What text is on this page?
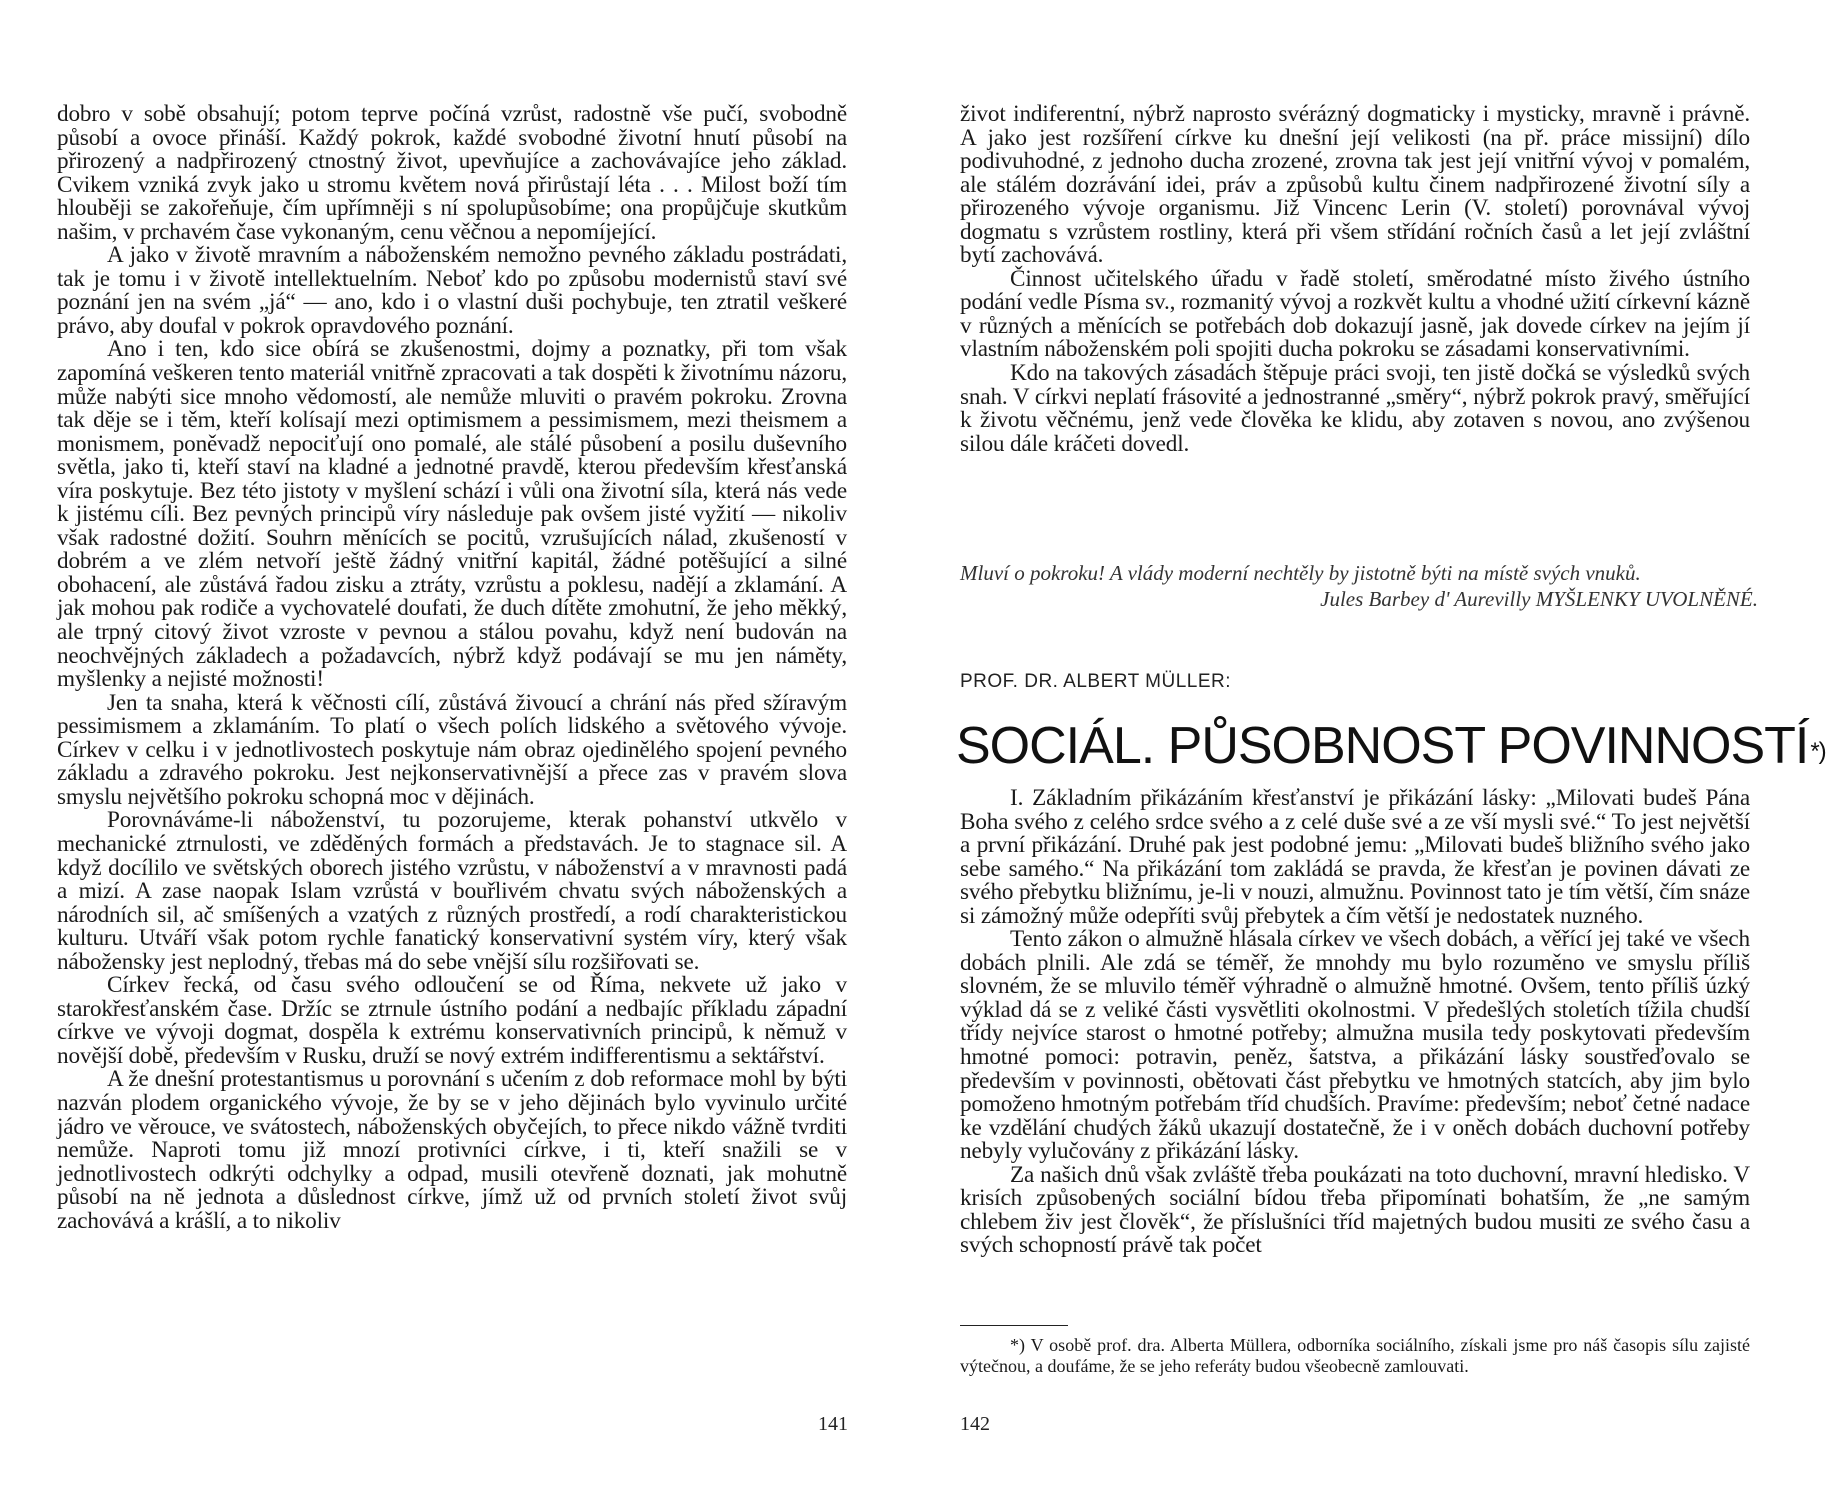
dobro v sobě obsahují; potom teprve počíná vzrůst, radostně vše pučí, svobodně působí a ovoce přináší. Každý pokrok, každé svobodné životní hnutí působí na přirozený a nadpřirozený ctnostný život, upevňujíce a zachovávajíce jeho základ. Cvikem vzniká zvyk jako u stromu květem nová přirůstají léta . . . Milost boží tím hlouběji se zakořeňuje, čím upřímněji s ní spolupůsobíme; ona propůjčuje skutkům našim, v prchavém čase vykonaným, cenu věčnou a nepomíjející.

A jako v životě mravním a náboženském nemožno pevného základu postrádati, tak je tomu i v životě intellektuelním. Neboť kdo po způsobu modernistů staví své poznání jen na svém „já“ — ano, kdo i o vlastní duši pochybuje, ten ztratil veškeré právo, aby doufal v pokrok opravdového poznání.

Ano i ten, kdo sice obírá se zkušenostmi, dojmy a poznatky, při tom však zapomíná veškeren tento materiál vnitřně zpracovati a tak dospěti k životnímu názoru, může nabýti sice mnoho vědomostí, ale nemůže mluviti o pravém pokroku. Zrovna tak děje se i těm, kteří kolísají mezi optimismem a pessimismem, mezi theismem a monismem, poněvadž nepociťují ono pomalé, ale stálé působení a posilu duševního světla, jako ti, kteří staví na kladné a jednotné pravdě, kterou především křesťanská víra poskytuje. Bez této jistoty v myšlení schází i vůli ona životní síla, která nás vede k jistému cíli. Bez pevných principů víry následuje pak ovšem jisté vyžití — nikoliv však radostné dožití. Souhrn měnících se pocitů, vzrušujících nálad, zkušeností v dobrém a ve zlém netvoří ještě žádný vnitřní kapitál, žádné potěšující a silné obohacení, ale zůstává řadou zisku a ztráty, vzrůstu a poklesu, nadějí a zklamání. A jak mohou pak rodiče a vychovatelé doufati, že duch dítěte zmohutní, že jeho měkký, ale trpný citový život vzroste v pevnou a stálou povahu, když není budován na neochvějných základech a požadavcích, nýbrž když podávají se mu jen náměty, myšlenky a nejisté možnosti!

Jen ta snaha, která k věčnosti cílí, zůstává živoucí a chrání nás před sžíravým pessimismem a zklamáním. To platí o všech polích lidského a světového vývoje. Církev v celku i v jednotlivostech poskytuje nám obraz ojedinělého spojení pevného základu a zdravého pokroku. Jest nejkonservativnější a přece zas v pravém slova smyslu největšího pokroku schopná moc v dějinách.

Porovnáváme-li náboženství, tu pozorujeme, kterak pohanství utkvělo v mechanické ztrnulosti, ve zděděných formách a představách. Je to stagnace sil. A když docílilo ve světských oborech jistého vzrůstu, v náboženství a v mravnosti padá a mizí. A zase naopak Islam vzrůstá v bouřlivém chvatu svých náboženských a národních sil, ač smíšených a vzatých z různých prostředí, a rodí charakteristickou kulturu. Utváří však potom rychle fanatický konservativní systém víry, který však nábožensky jest neplodný, třebas má do sebe vnější sílu rozšiřovati se.

Církev řecká, od času svého odloučení se od Říma, nekvete už jako v starokřesťanském čase. Držíc se ztrnule ústního podání a nedbajíc příkladu západní církve ve vývoji dogmat, dospěla k extrému konservativních principů, k němuž v novější době, především v Rusku, druží se nový extrém indifferentismu a sektářství.

A že dnešní protestantismus u porovnání s učením z dob reformace mohl by býti nazván plodem organického vývoje, že by se v jeho dějinách bylo vyvinulo určité jádro ve věrouce, ve svátostech, náboženských obyčejích, to přece nikdo vážně tvrditi nemůže. Naproti tomu již mnozí protivníci církve, i ti, kteří snažili se v jednotlivostech odkrýti odchylky a odpad, musili otevřeně doznati, jak mohutně působí na ně jednota a důslednost církve, jímž už od prvních století život svůj zachovává a krášlí, a to nikoliv

141

život indiferentní, nýbrž naprosto svérázný dogmaticky i mysticky, mravně i právně. A jako jest rozšíření církve ku dnešní její velikosti (na př. práce missijní) dílo podivuhodné, z jednoho ducha zrozené, zrovna tak jest její vnitřní vývoj v pomalém, ale stálém dozrávání idei, práv a způsobů kultu činem nadpřirozené životní síly a přirozeného vývoje organismu. Již Vincenc Lerin (V. století) porovnával vývoj dogmatu s vzrůstem rostliny, která při všem střídání ročních časů a let její zvláštní bytí zachovává.

Činnost učitelského úřadu v řadě století, směrodatné místo živého ústního podání vedle Písma sv., rozmanitý vývoj a rozkvět kultu a vhodné užití církevní kázně v různých a měnících se potřebách dob dokazují jasně, jak dovede církev na jejím jí vlastním náboženském poli spojiti ducha pokroku se zásadami konservativními.

Kdo na takových zásadách štěpuje práci svoji, ten jistě dočká se výsledků svých snah. V církvi neplatí frásovité a jednostranné „směry“, nýbrž pokrok pravý, směřující k životu věčnému, jenž vede člověka ke klidu, aby zotaven s novou, ano zvýšenou silou dále kráčeti dovedl.

Mluví o pokroku! A vlády moderní nechtěly by jistotně býti na místě svých vnuků.
Jules Barbey d' Aurevilly MYŠLENKY UVOLNĚNÉ.
PROF. DR. ALBERT MÜLLER:
SOCIÁL. PŮSOBNOST POVINNOSTÍ*)

I. Základním přikázáním křesťanství je přikázání lásky: „Milovati budeš Pána Boha svého z celého srdce svého a z celé duše své a ze vší mysli své.“ To jest největší a první přikázání. Druhé pak jest podobné jemu: „Milovati budeš bližního svého jako sebe samého.“ Na přikázání tom zakládá se pravda, že křesťan je povinen dávati ze svého přebytku bližnímu, je-li v nouzi, almužnu. Povinnost tato je tím větší, čím snáze si zámožný může odepříti svůj přebytek a čím větší je nedostatek nuzného.

Tento zákon o almužně hlásala církev ve všech dobách, a věřící jej také ve všech dobách plnili. Ale zdá se téměř, že mnohdy mu bylo rozuměno ve smyslu příliš slovném, že se mluvilo téměř výhradně o almužně hmotné. Ovšem, tento příliš úzký výklad dá se z veliké části vysvětliti okolnostmi. V předešlých stoletích tížila chudší třídy nejvíce starost o hmotné potřeby; almužna musila tedy poskytovati především hmotné pomoci: potravin, peněz, šatstva, a přikázání lásky soustřeďovalo se především v povinnosti, obětovati část přebytku ve hmotných statcích, aby jim bylo pomoženo hmotným potřebám tříd chudších. Pravíme: především; neboť četné nadace ke vzdělání chudých žáků ukazují dostatečně, že i v oněch dobách duchovní potřeby nebyly vylučovány z přikázání lásky.

Za našich dnů však zvláště třeba poukázati na toto duchovní, mravní hledisko. V krisích způsobených sociální bídou třeba připomínati bohatším, že „ne samým chlebem živ jest člověk“, že příslušníci tříd majetných budou musiti ze svého času a svých schopností právě tak počet

*) V osobě prof. dra. Alberta Müllera, odborníka sociálního, získali jsme pro náš časopis sílu zajisté výtečnou, a doufáme, že se jeho referáty budou všeobecně zamlouvati.

142
